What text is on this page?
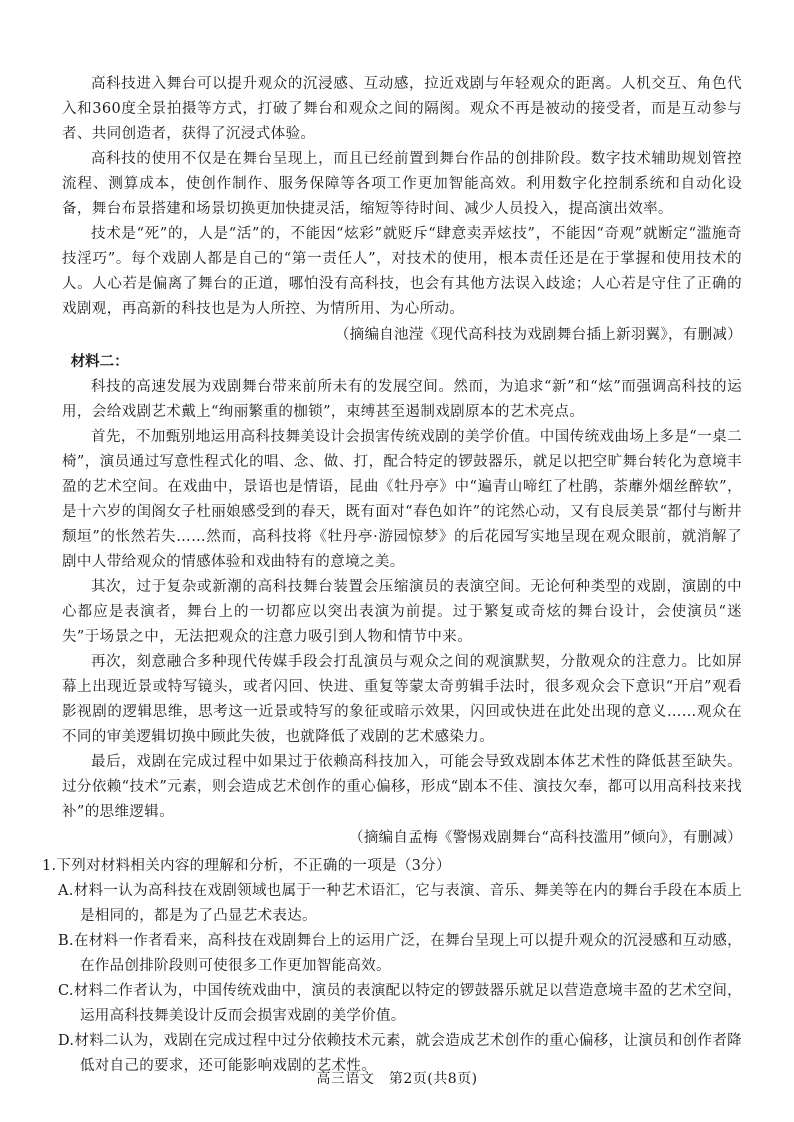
高科技进入舞台可以提升观众的沉浸感、互动感，拉近戏剧与年轻观众的距离。人机交互、角色代入和360度全景拍摄等方式，打破了舞台和观众之间的隔阂。观众不再是被动的接受者，而是互动参与者、共同创造者，获得了沉浸式体验。

高科技的使用不仅是在舞台呈现上，而且已经前置到舞台作品的创排阶段。数字技术辅助规划管控流程、测算成本，使创作制作、服务保障等各项工作更加智能高效。利用数字化控制系统和自动化设备，舞台布景搭建和场景切换更加快捷灵活，缩短等待时间、减少人员投入，提高演出效率。

技术是“死”的，人是“活”的，不能因“炫彩”就贬斥“肆意卖弄炫技”，不能因“奇观”就断定“滥施奇技淫巧”。每个戏剧人都是自己的“第一责任人”，对技术的使用，根本责任还是在于掌握和使用技术的人。人心若是偏离了舞台的正道，哪怕没有高科技，也会有其他方法误入歧途；人心若是守住了正确的戏剧观，再高新的科技也是为人所控、为情所用、为心所动。

（摘编自池滢《现代高科技为戏剧舞台插上新羽翼》，有删减）

材料二：

科技的高速发展为戏剧舞台带来前所未有的发展空间。然而，为追求“新”和“炫”而强调高科技的运用，会给戏剧艺术戴上“绚丽繁重的枷锁”，束缚甚至遏制戏剧原本的艺术亮点。

首先，不加甄别地运用高科技舞美设计会损害传统戏剧的美学价值。中国传统戏曲场上多是“一桌二椅”，演员通过写意性程式化的唱、念、做、打，配合特定的锣鼓器乐，就足以把空旷舞台转化为意境丰盈的艺术空间。在戏曲中，景语也是情语，昆曲《牡丹亭》中“遍青山啼红了杜鹃，荼蘼外烟丝醉软”，是十六岁的闺阁女子杜丽娘感受到的春天，既有面对“春色如许”的诧然心动，又有良辰美景“都付与断井颓垣”的怅然若失……然而，高科技将《牡丹亭·游园惊梦》的后花园写实地呈现在观众眼前，就消解了剧中人带给观众的情感体验和戏曲特有的意境之美。

其次，过于复杂或新潮的高科技舞台装置会压缩演员的表演空间。无论何种类型的戏剧，演剧的中心都应是表演者，舞台上的一切都应以突出表演为前提。过于繁复或奇炫的舞台设计，会使演员“迷失”于场景之中，无法把观众的注意力吸引到人物和情节中来。

再次，刻意融合多种现代传媒手段会打乱演员与观众之间的观演默契，分散观众的注意力。比如屏幕上出现近景或特写镜头，或者闪回、快进、重复等蒙太奇剪辑手法时，很多观众会下意识“开启”观看影视剧的逻辑思维，思考这一近景或特写的象征或暗示效果，闪回或快进在此处出现的意义……观众在不同的审美逻辑切换中顾此失彼，也就降低了戏剧的艺术感染力。

最后，戏剧在完成过程中如果过于依赖高科技加入，可能会导致戏剧本体艺术性的降低甚至缺失。过分依赖“技术”元素，则会造成艺术创作的重心偏移，形成“剧本不佳、演技欠奉，都可以用高科技来找补”的思维逻辑。

（摘编自孟梅《警惕戏剧舞台“高科技滥用”倾向》，有删减）

1.下列对材料相关内容的理解和分析，不正确的一项是（3分）

A.材料一认为高科技在戏剧领域也属于一种艺术语汇，它与表演、音乐、舞美等在内的舞台手段在本质上是相同的，都是为了凸显艺术表达。

B.在材料一作者看来，高科技在戏剧舞台上的运用广泛，在舞台呈现上可以提升观众的沉浸感和互动感，在作品创排阶段则可使很多工作更加智能高效。

C.材料二作者认为，中国传统戏曲中，演员的表演配以特定的锣鼓器乐就足以营造意境丰盈的艺术空间，运用高科技舞美设计反而会损害戏剧的美学价值。

D.材料二认为，戏剧在完成过程中过分依赖技术元素，就会造成艺术创作的重心偏移，让演员和创作者降低对自己的要求，还可能影响戏剧的艺术性。

高三语文　第2页(共8页)
